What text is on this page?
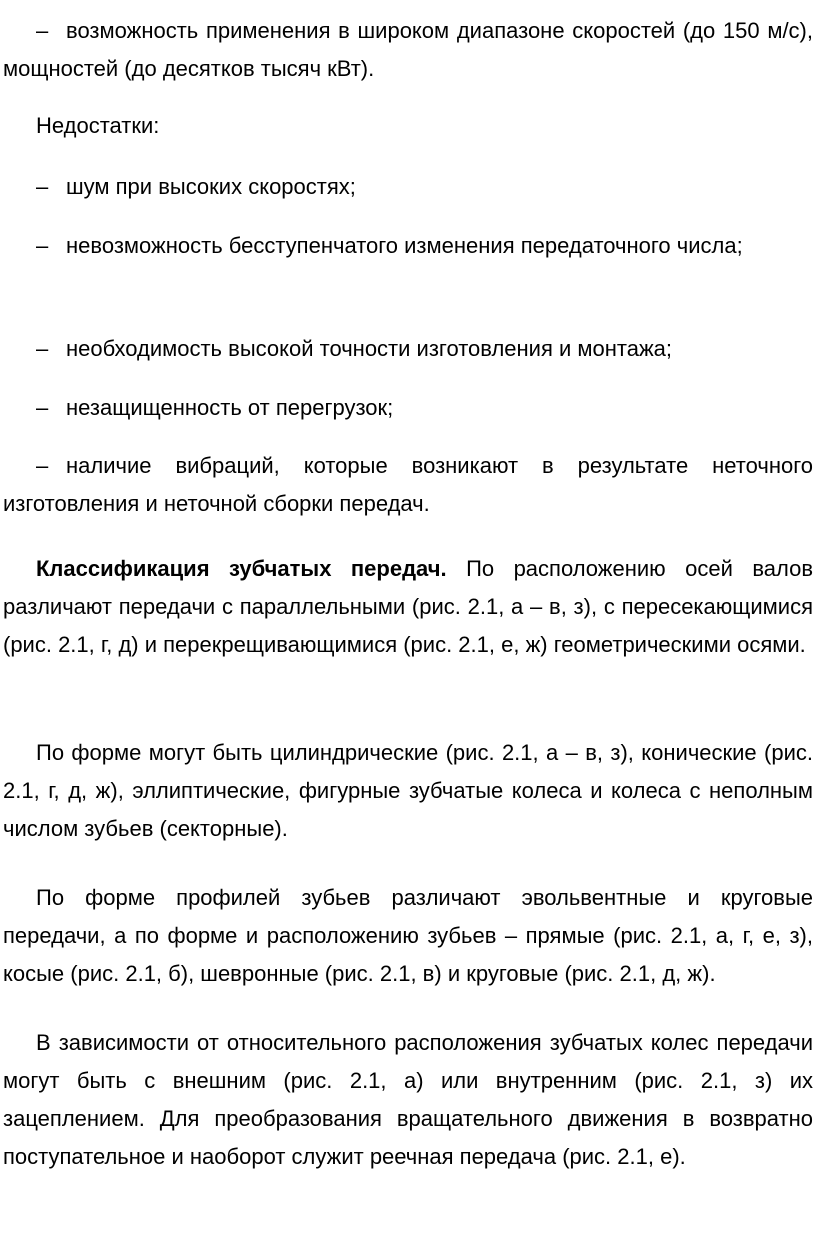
– возможность применения в широком диапазоне скоростей (до 150 м/с), мощностей (до десятков тысяч кВт).

Недостатки:

– шум при высоких скоростях;

– невозможность бесступенчатого изменения передаточного числа;

– необходимость высокой точности изготовления и монтажа;

– незащищенность от перегрузок;

– наличие вибраций, которые возникают в результате неточного изготовления и неточной сборки передач.

Классификация зубчатых передач. По расположению осей валов различают передачи с параллельными (рис. 2.1, а – в, з), с пересекающимися (рис. 2.1, г, д) и перекрещивающимися (рис. 2.1, е, ж) геометрическими осями.

По форме могут быть цилиндрические (рис. 2.1, а – в, з), конические (рис. 2.1, г, д, ж), эллиптические, фигурные зубчатые колеса и колеса с неполным числом зубьев (секторные).

По форме профилей зубьев различают эвольвентные и круговые передачи, а по форме и расположению зубьев – прямые (рис. 2.1, а, г, е, з), косые (рис. 2.1, б), шевронные (рис. 2.1, в) и круговые (рис. 2.1, д, ж).

В зависимости от относительного расположения зубчатых колес передачи могут быть с внешним (рис. 2.1, а) или внутренним (рис. 2.1, з) их зацеплением. Для преобразования вращательного движения в возвратно поступательное и наоборот служит реечная передача (рис. 2.1, е).
